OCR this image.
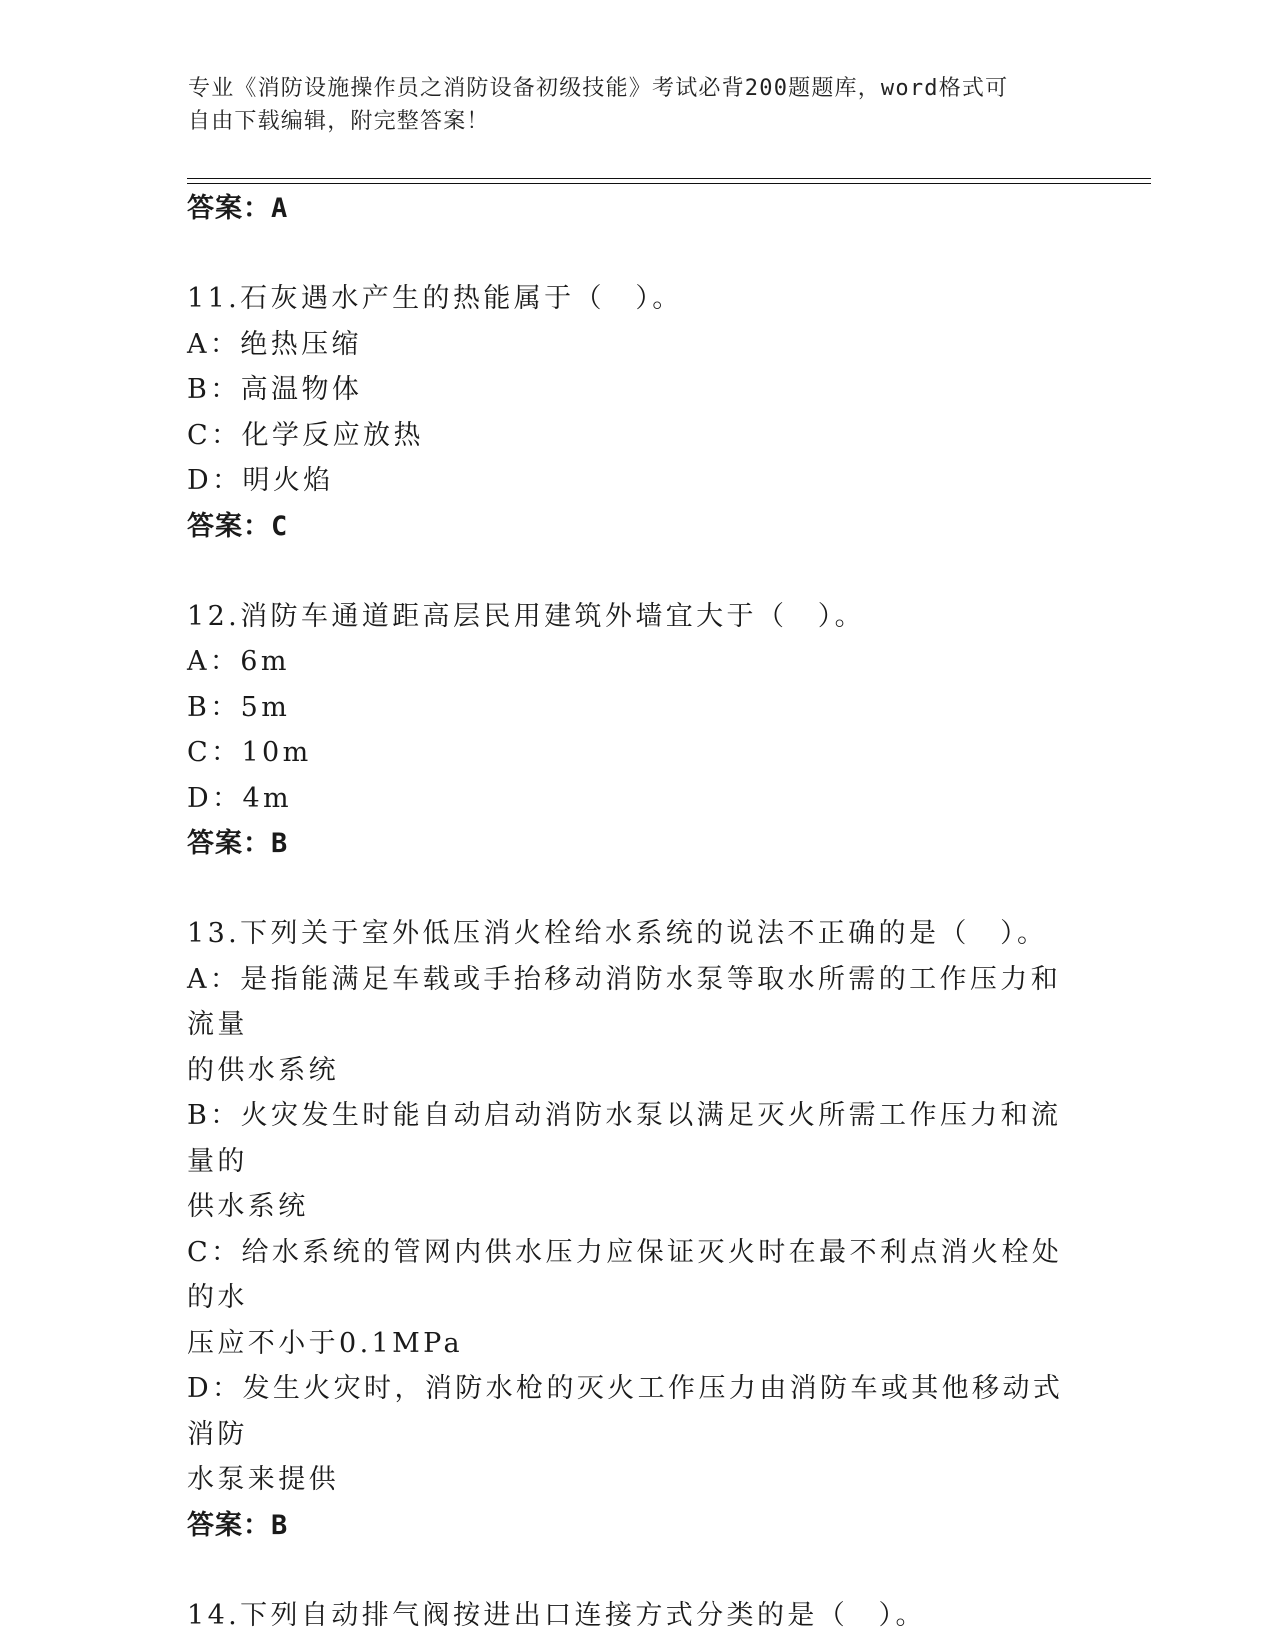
专业《消防设施操作员之消防设备初级技能》考试必背200题题库，word格式可
自由下载编辑，附完整答案！

答案：A

11.石灰遇水产生的热能属于（　）。

A：绝热压缩

B：高温物体

C：化学反应放热

D：明火焰

答案：C

12.消防车通道距高层民用建筑外墙宜大于（　）。

A：6m

B：5m

C：10m

D：4m

答案：B

13.下列关于室外低压消火栓给水系统的说法不正确的是（　）。

A：是指能满足车载或手抬移动消防水泵等取水所需的工作压力和流量

的供水系统

B：火灾发生时能自动启动消防水泵以满足灭火所需工作压力和流量的

供水系统

C：给水系统的管网内供水压力应保证灭火时在最不利点消火栓处的水

压应不小于0.1MPa

D：发生火灾时，消防水枪的灭火工作压力由消防车或其他移动式消防

水泵来提供

答案：B

14.下列自动排气阀按进出口连接方式分类的是（　）。
